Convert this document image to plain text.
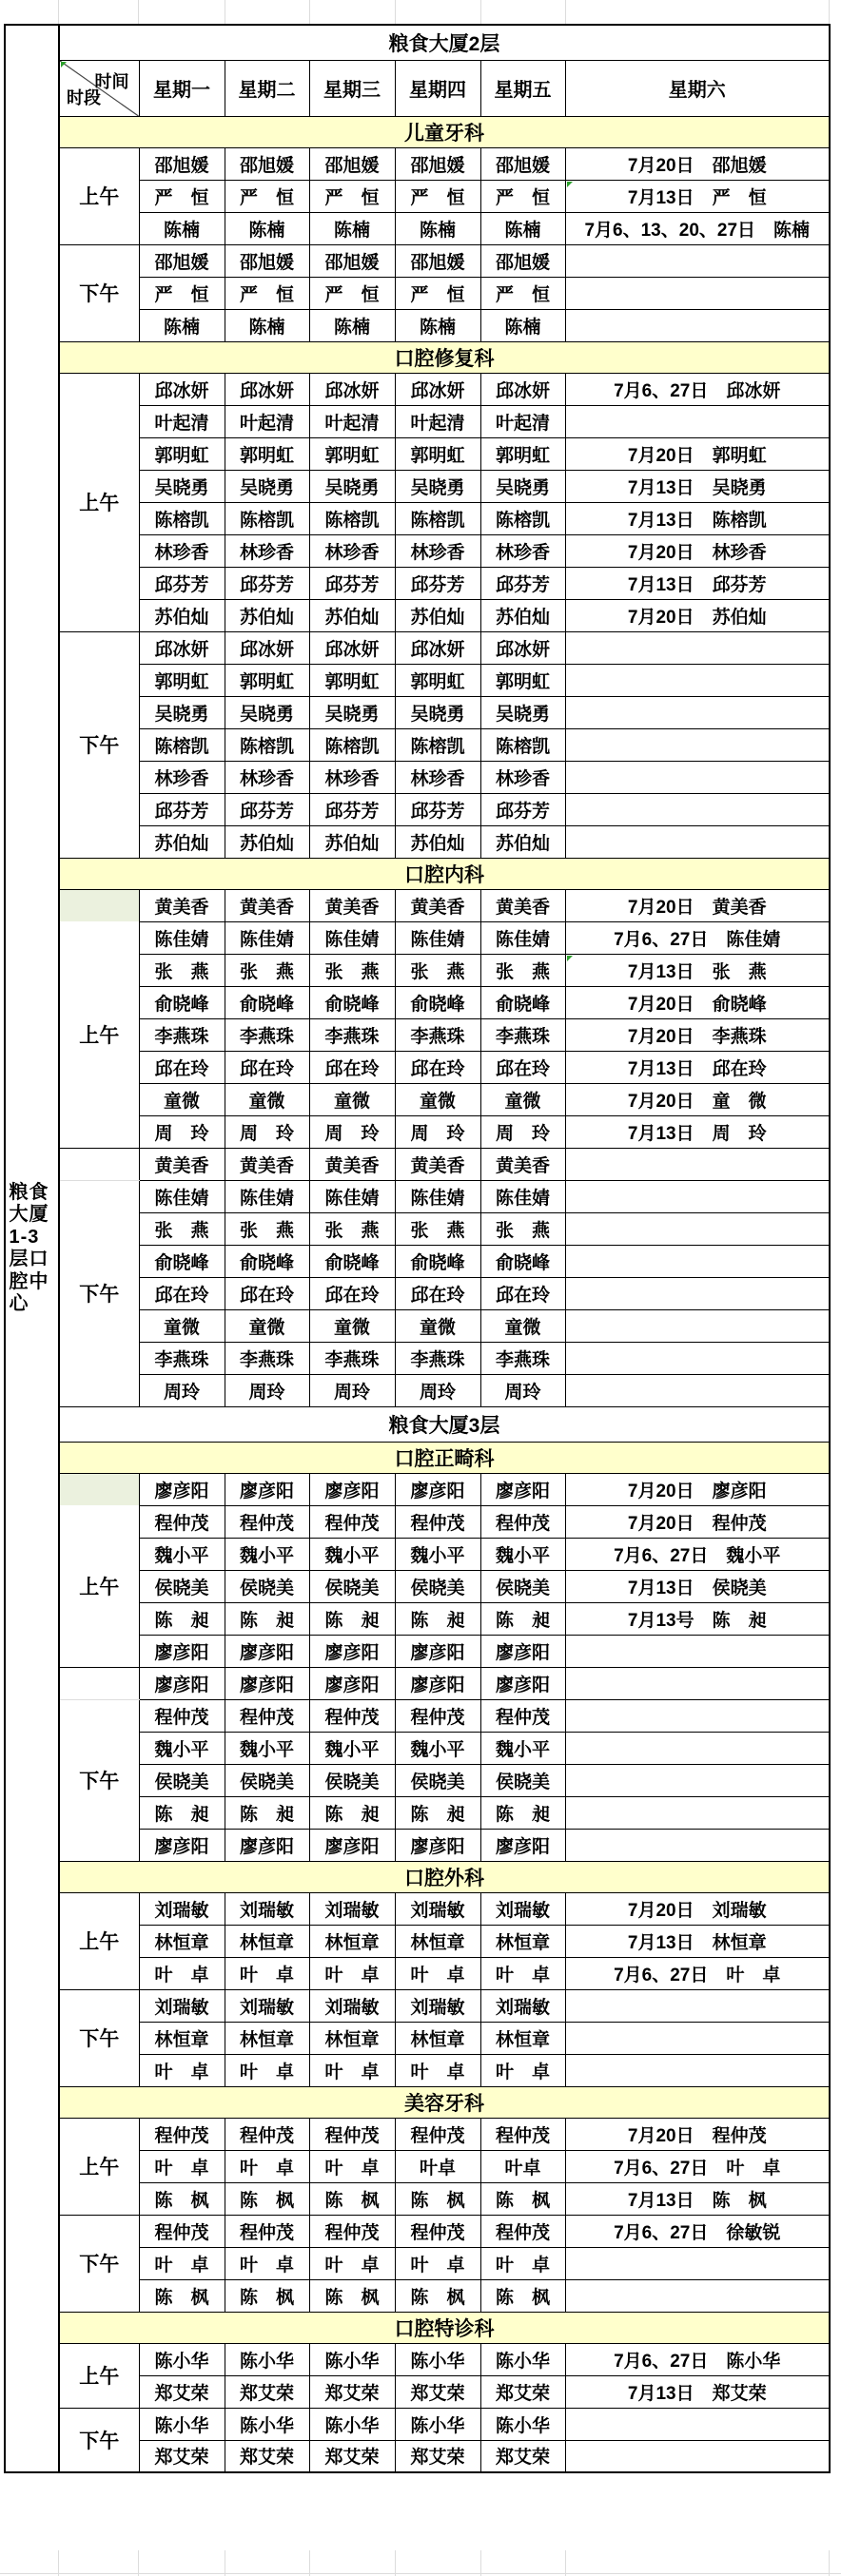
粮食大厦1-3层口腔中心
粮食大厦2层						

时间
时段	星期一	星期二	星期三	星期四	星期五	星期六
儿童牙科						
上午	邵旭媛	邵旭媛	邵旭媛	邵旭媛	邵旭媛	7月20日　邵旭媛
	严　恒	严　恒	严　恒	严　恒	严　恒	7月13日　严　恒

	陈楠	陈楠	陈楠	陈楠	陈楠	7月6、13、20、27日　陈楠
下午	邵旭媛	邵旭媛	邵旭媛	邵旭媛	邵旭媛	
	严　恒	严　恒	严　恒	严　恒	严　恒	
	陈楠	陈楠	陈楠	陈楠	陈楠	
口腔修复科						
上午	邱冰妍	邱冰妍	邱冰妍	邱冰妍	邱冰妍	7月6、27日　邱冰妍
	叶起清	叶起清	叶起清	叶起清	叶起清	
	郭明虹	郭明虹	郭明虹	郭明虹	郭明虹	7月20日　郭明虹
	吴晓勇	吴晓勇	吴晓勇	吴晓勇	吴晓勇	7月13日　吴晓勇
	陈榕凯	陈榕凯	陈榕凯	陈榕凯	陈榕凯	7月13日　陈榕凯
	林珍香	林珍香	林珍香	林珍香	林珍香	7月20日　林珍香
	邱芬芳	邱芬芳	邱芬芳	邱芬芳	邱芬芳	7月13日　邱芬芳
	苏伯灿	苏伯灿	苏伯灿	苏伯灿	苏伯灿	7月20日　苏伯灿
下午	邱冰妍	邱冰妍	邱冰妍	邱冰妍	邱冰妍	
	郭明虹	郭明虹	郭明虹	郭明虹	郭明虹	
	吴晓勇	吴晓勇	吴晓勇	吴晓勇	吴晓勇	
	陈榕凯	陈榕凯	陈榕凯	陈榕凯	陈榕凯	
	林珍香	林珍香	林珍香	林珍香	林珍香	
	邱芬芳	邱芬芳	邱芬芳	邱芬芳	邱芬芳	
	苏伯灿	苏伯灿	苏伯灿	苏伯灿	苏伯灿	
口腔内科						
	黄美香	黄美香	黄美香	黄美香	黄美香	7月20日　黄美香
上午	陈佳婧	陈佳婧	陈佳婧	陈佳婧	陈佳婧	7月6、27日　陈佳婧
	张　燕	张　燕	张　燕	张　燕	张　燕	7月13日　张　燕

	俞晓峰	俞晓峰	俞晓峰	俞晓峰	俞晓峰	7月20日　俞晓峰
	李燕珠	李燕珠	李燕珠	李燕珠	李燕珠	7月20日　李燕珠
	邱在玲	邱在玲	邱在玲	邱在玲	邱在玲	7月13日　邱在玲
	童微	童微	童微	童微	童微	7月20日　童　微
	周　玲	周　玲	周　玲	周　玲	周　玲	7月13日　周　玲
	黄美香	黄美香	黄美香	黄美香	黄美香	
下午	陈佳婧	陈佳婧	陈佳婧	陈佳婧	陈佳婧	
	张　燕	张　燕	张　燕	张　燕	张　燕	
	俞晓峰	俞晓峰	俞晓峰	俞晓峰	俞晓峰	
	邱在玲	邱在玲	邱在玲	邱在玲	邱在玲	
	童微	童微	童微	童微	童微	
	李燕珠	李燕珠	李燕珠	李燕珠	李燕珠	
	周玲	周玲	周玲	周玲	周玲	
粮食大厦3层						
口腔正畸科						
	廖彦阳	廖彦阳	廖彦阳	廖彦阳	廖彦阳	7月20日　廖彦阳
上午	程仲茂	程仲茂	程仲茂	程仲茂	程仲茂	7月20日　程仲茂
	魏小平	魏小平	魏小平	魏小平	魏小平	7月6、27日　魏小平
	侯晓美	侯晓美	侯晓美	侯晓美	侯晓美	7月13日　侯晓美
	陈　昶	陈　昶	陈　昶	陈　昶	陈　昶	7月13号　陈　昶
	廖彦阳	廖彦阳	廖彦阳	廖彦阳	廖彦阳	
	廖彦阳	廖彦阳	廖彦阳	廖彦阳	廖彦阳	
下午	程仲茂	程仲茂	程仲茂	程仲茂	程仲茂	
	魏小平	魏小平	魏小平	魏小平	魏小平	
	侯晓美	侯晓美	侯晓美	侯晓美	侯晓美	
	陈　昶	陈　昶	陈　昶	陈　昶	陈　昶	
	廖彦阳	廖彦阳	廖彦阳	廖彦阳	廖彦阳	
口腔外科						
上午	刘瑞敏	刘瑞敏	刘瑞敏	刘瑞敏	刘瑞敏	7月20日　刘瑞敏
	林恒章	林恒章	林恒章	林恒章	林恒章	7月13日　林恒章
	叶　卓	叶　卓	叶　卓	叶　卓	叶　卓	7月6、27日　叶　卓
下午	刘瑞敏	刘瑞敏	刘瑞敏	刘瑞敏	刘瑞敏	
	林恒章	林恒章	林恒章	林恒章	林恒章	
	叶　卓	叶　卓	叶　卓	叶　卓	叶　卓	
美容牙科						
上午	程仲茂	程仲茂	程仲茂	程仲茂	程仲茂	7月20日　程仲茂
	叶　卓	叶　卓	叶　卓	叶卓	叶卓	7月6、27日　叶　卓
	陈　枫	陈　枫	陈　枫	陈　枫	陈　枫	7月13日　陈　枫
下午	程仲茂	程仲茂	程仲茂	程仲茂	程仲茂	7月6、27日　徐敏锐
	叶　卓	叶　卓	叶　卓	叶　卓	叶　卓	
	陈　枫	陈　枫	陈　枫	陈　枫	陈　枫	
口腔特诊科						
上午	陈小华	陈小华	陈小华	陈小华	陈小华	7月6、27日　陈小华
	郑艾荣	郑艾荣	郑艾荣	郑艾荣	郑艾荣	7月13日　郑艾荣
下午	陈小华	陈小华	陈小华	陈小华	陈小华	
	郑艾荣	郑艾荣	郑艾荣	郑艾荣	郑艾荣	
